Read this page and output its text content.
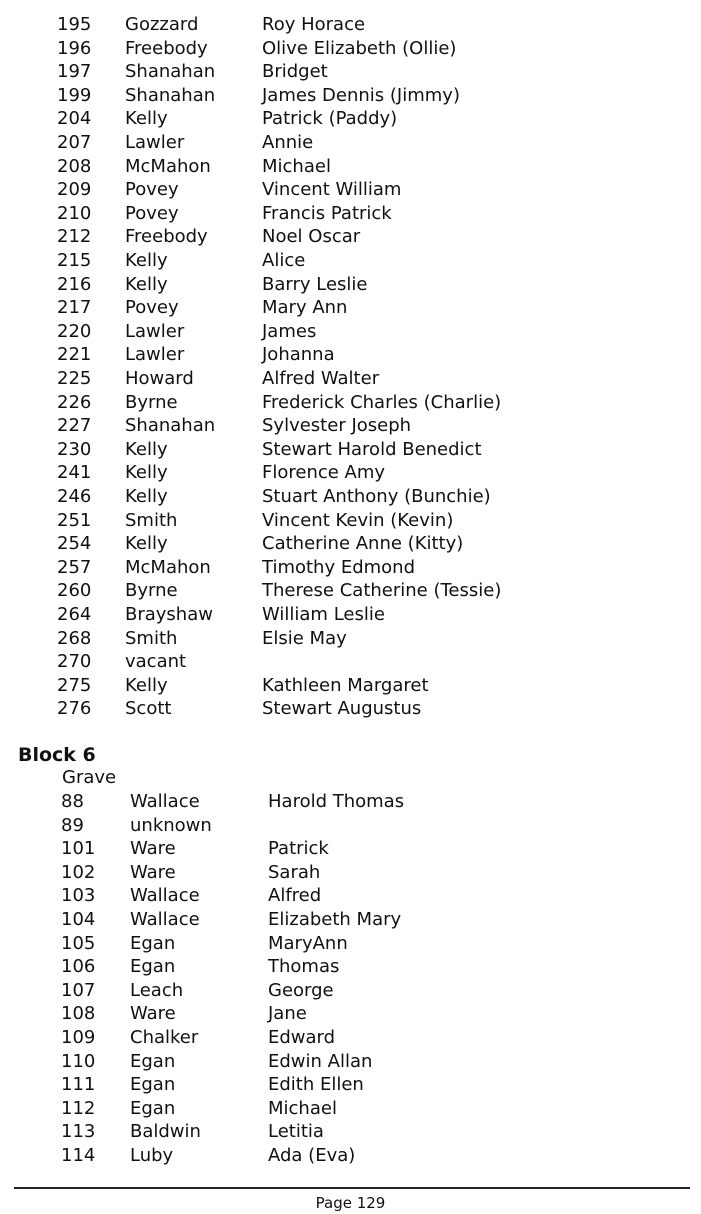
195 Gozzard	Roy Horace
196 Freebody	Olive Elizabeth (Ollie)
197 Shanahan	Bridget
199 Shanahan	James Dennis (Jimmy)
204 Kelly	Patrick (Paddy)
207 Lawler	Annie
208 McMahon	Michael
209 Povey	Vincent William
210 Povey	Francis Patrick
212 Freebody	Noel Oscar
215 Kelly	Alice
216 Kelly	Barry Leslie
217 Povey	Mary Ann
220 Lawler	James
221 Lawler	Johanna
225 Howard	Alfred Walter
226 Byrne	Frederick Charles (Charlie)
227 Shanahan	Sylvester Joseph
230 Kelly	Stewart Harold Benedict
241 Kelly	Florence Amy
246 Kelly	Stuart Anthony (Bunchie)
251 Smith	Vincent Kevin (Kevin)
254 Kelly	Catherine Anne (Kitty)
257 McMahon	Timothy Edmond
260 Byrne	Therese Catherine (Tessie)
264 Brayshaw	William Leslie
268 Smith	Elsie May
270 vacant
275 Kelly	Kathleen Margaret
276 Scott	Stewart Augustus
Block 6
Grave
88	Wallace	Harold Thomas
89	unknown
101 Ware	Patrick
102 Ware	Sarah
103 Wallace	Alfred
104 Wallace	Elizabeth Mary
105 Egan	MaryAnn
106 Egan	Thomas
107 Leach	George
108 Ware	Jane
109 Chalker	Edward
110 Egan	Edwin Allan
111 Egan	Edith Ellen
112 Egan	Michael
113 Baldwin	Letitia
114 Luby	Ada (Eva)
Page 129
